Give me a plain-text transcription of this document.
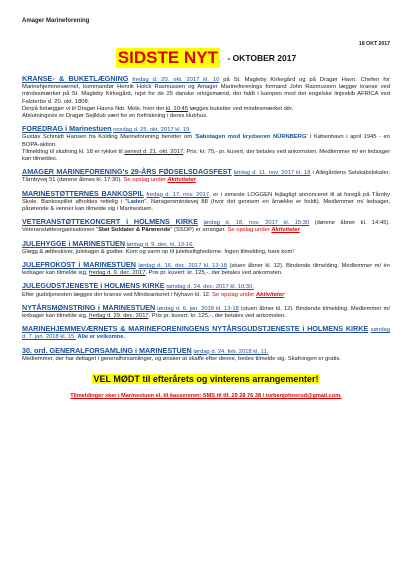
Amager Marineforening
18 OKT 2017
SIDSTE NYT - OKTOBER 2017
KRANSE- & BUKETLÆGNING fredag d. 20. okt. 2017 kl. 10 på St. Magleby Kirkegård og på Dragør Havn. Chefen for Marinehjemmeværnet, kommandør Henrik Holck Rasmussen og Amager Marineforenings formand John Rasmussen lægger kranse ved mindesmærket på St. Magleby Kirkegård, rejst for de 25 danske orlogsmænd, der faldt i kampen mod det engelske linjeskib AFRICA ved Falsterbo d. 20. okt. 1808.
Derpå forlægger vi til Dragør Havns Ndr. Mole, hvor der kl. 10:45 lægges buketter ved mindesmærket dér.
Afslutningsvis er Dragør Sejlklub vært for en forfriskning i deres klubhus.
FOREDRAG i Marinestuen onsdag d. 25. okt. 2017 kl. 19.
Gustav Schmidt Hansen fra Kolding Marineforening beretter om 'Sabotagen mod krydseren NÜRNBERG' i København i april 1945 - en BOPA-aktion.
Tilmelding til skafning kl. 18 er rykket til senest d. 21. okt. 2017. Pris: kr. 75,- pr. kuvert, der betales ved ankomsten. Medlemmer m/ en ledsager kan tilmeldes.
AMAGER MARINEFORENING's 29-ÅRS FØDSELSDAGSFEST lørdag d. 11. nov. 2017 kl. 18 i Allégårdens Selskabslokaler, Tårnbyvej 51 (dørene åbnes kl. 17:30). Se opslag under Aktiviteter
MARINESTØTTERNES BANKOSPIL fredag d. 17. nov. 2017, er i seneste LOGGEN fejlagtigt annonceret til at foregå på Tårnby Skole. Bankospillet afholdes rettelig i "Laden", Nøragersmindevej 88 (hvor det gennem en årrække er holdt). Medlemmer m/ ledsager, pårørende & venner kan tilmelde sig i Marinestuen.
VETERANSTØTTEKONCERT i HOLMENS KIRKE lørdag d. 18. nov. 2017 kl. 15:30 (dørene åbner kl. 14:45). Veteranstøtteorganisationen "Støt Soldater & Pårørende" (SSOP) er arrangør. Se opslag under Aktiviteter
JULEHYGGE i MARINESTUEN lørdag d. 9. dec. kl. 13-16.
Gløgg & æbleskiver, julekager & godter. Kom og varm op til julefestlighederne. Ingen tilmelding, bare kom!
JULEFROKOST i MARINESTUEN lørdag d. 16. dec. 2017 kl. 13-18 (stuen åbner kl. 12). Bindende tilmelding. Medlemmer m/ én ledsager kan tilmelde sig, fredag d. 9. dec. 2017. Pris pr. kuvert: kr. 125,-, der betales ved ankomsten.
JULEGUDSTJENESTE i HOLMENS KIRKE søndag d. 24. dec. 2017 kl. 10:30.
Efter gudstjenesten lægges der kranse ved Mindeankeret i Nyhavn kl. 12. Se opslag under Aktiviteter
NYTÅRSMØNSTRING i MARINESTUEN lørdag d. 6. jan. 2018 kl. 13-18 (stuen åbner kl. 12). Bindende tilmelding. Medlemmer m/ ledsager kan tilmelde sig, fredag d. 29. dec. 2017. Pris pr. kuvert: kr. 125,-, der betales ved ankomsten.
MARINEHJEMMEVÆRNETS & MARINEFORENINGENS NYTÅRSGUDSTJENESTE i HOLMENS KIRKE søndag d. 7. jan. 2018 kl. 15. Alle er velkomne.
30. ord. GENERALFORSAMLING i MARINESTUEN lørdag d. 24. feb. 2018 kl. 11.
Medlemmer, der har deltaget i generalforsamlinger, og ønsker at skaffe efter denne, bedes tilmelde sig. Skafningen er gratis.
VEL MØDT til efterårets og vinterens arrangementer!
Tilmeldinger sker i Marinestuen el. til kassereren: SMS til tlf. 29 28 76 38 / torbenjohnsrud@gmail.com.
